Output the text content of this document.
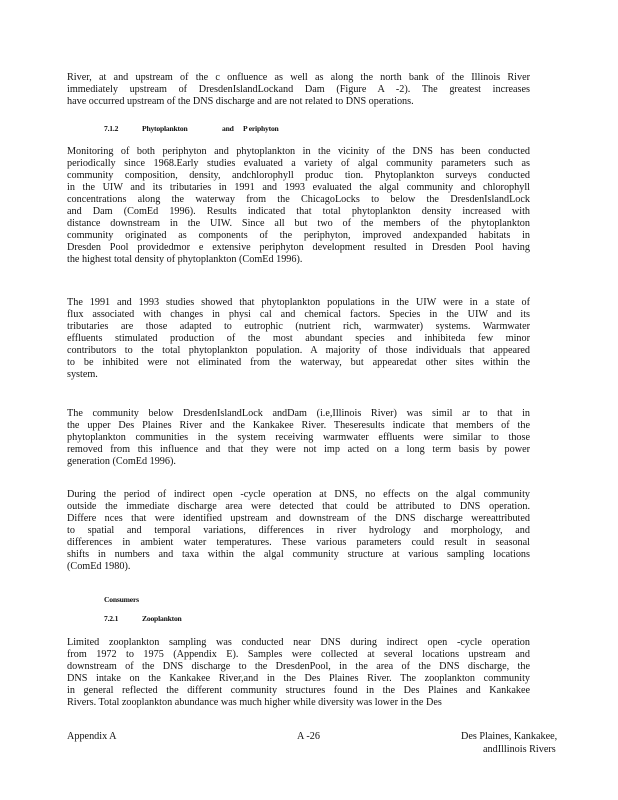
River, at and upstream of the c onfluence as well as along the north bank of the Illinois River
immediately upstream of DresdenIslandLockand Dam (Figure A -2). The greatest increases
have occurred upstream of the DNS discharge and are not related to DNS operations.
7.1.2	Phytoplankton	and P eriphyton
Monitoring of both periphyton and phytoplankton in the vicinity of the DNS has been conducted
periodically since 1968.Early studies evaluated a variety of algal community parameters such as
community composition, density, andchlorophyll produc tion. Phytoplankton surveys conducted
in the UIW and its tributaries in 1991 and 1993 evaluated the algal community and chlorophyll
concentrations along the waterway from the ChicagoLocks to below the DresdenIslandLock
and Dam (ComEd 1996). Results indicated that total phytoplankton density increased with
distance downstream in the UIW. Since all but two of the members of the phytoplankton
community originated as components of the periphyton, improved andexpanded habitats in
Dresden Pool providedmor e extensive periphyton development resulted in Dresden Pool having
the highest total density of phytoplankton (ComEd 1996).
The 1991 and 1993 studies showed that phytoplankton populations in the UIW were in a state of
flux associated with changes in physi cal and chemical factors. Species in the UIW and its
tributaries are those adapted to eutrophic (nutrient rich, warmwater) systems. Warmwater
effluents stimulated production of the most abundant species and inhibiteda few minor
contributors to the total phytoplankton population. A majority of those individuals that appeared
to be inhibited were not eliminated from the waterway, but appearedat other sites within the
system.
The community below DresdenIslandLock andDam (i.e,Illinois River) was simil ar to that in
the upper Des Plaines River and the Kankakee River. Theseresults indicate that members of the
phytoplankton communities in the system receiving warmwater effluents were similar to those
removed from this influence and that they were not imp acted on a long term basis by power
generation (ComEd 1996).
During the period of indirect open -cycle operation at DNS, no effects on the algal community
outside the immediate discharge area were detected that could be attributed to DNS operation.
Differe nces that were identified upstream and downstream of the DNS discharge wereattributed
to spatial and temporal variations, differences in river hydrology and morphology, and
differences in ambient water temperatures. These various parameters could result in seasonal
shifts in numbers and taxa within the algal community structure at various sampling locations
(ComEd 1980).
Consumers
7.2.1	Zooplankton
Limited zooplankton sampling was conducted near DNS during indirect open -cycle operation
from 1972 to 1975 (Appendix E). Samples were collected at several locations upstream and
downstream of the DNS discharge to the DresdenPool, in the area of the DNS discharge, the
DNS intake on the Kankakee River,and in the Des Plaines River. The zooplankton community
in general reflected the different community structures found in the Des Plaines and Kankakee
Rivers. Total zooplankton abundance was much higher while diversity was lower in the Des
Appendix A	A -26	Des Plaines, Kankakee,
andIllinois Rivers
